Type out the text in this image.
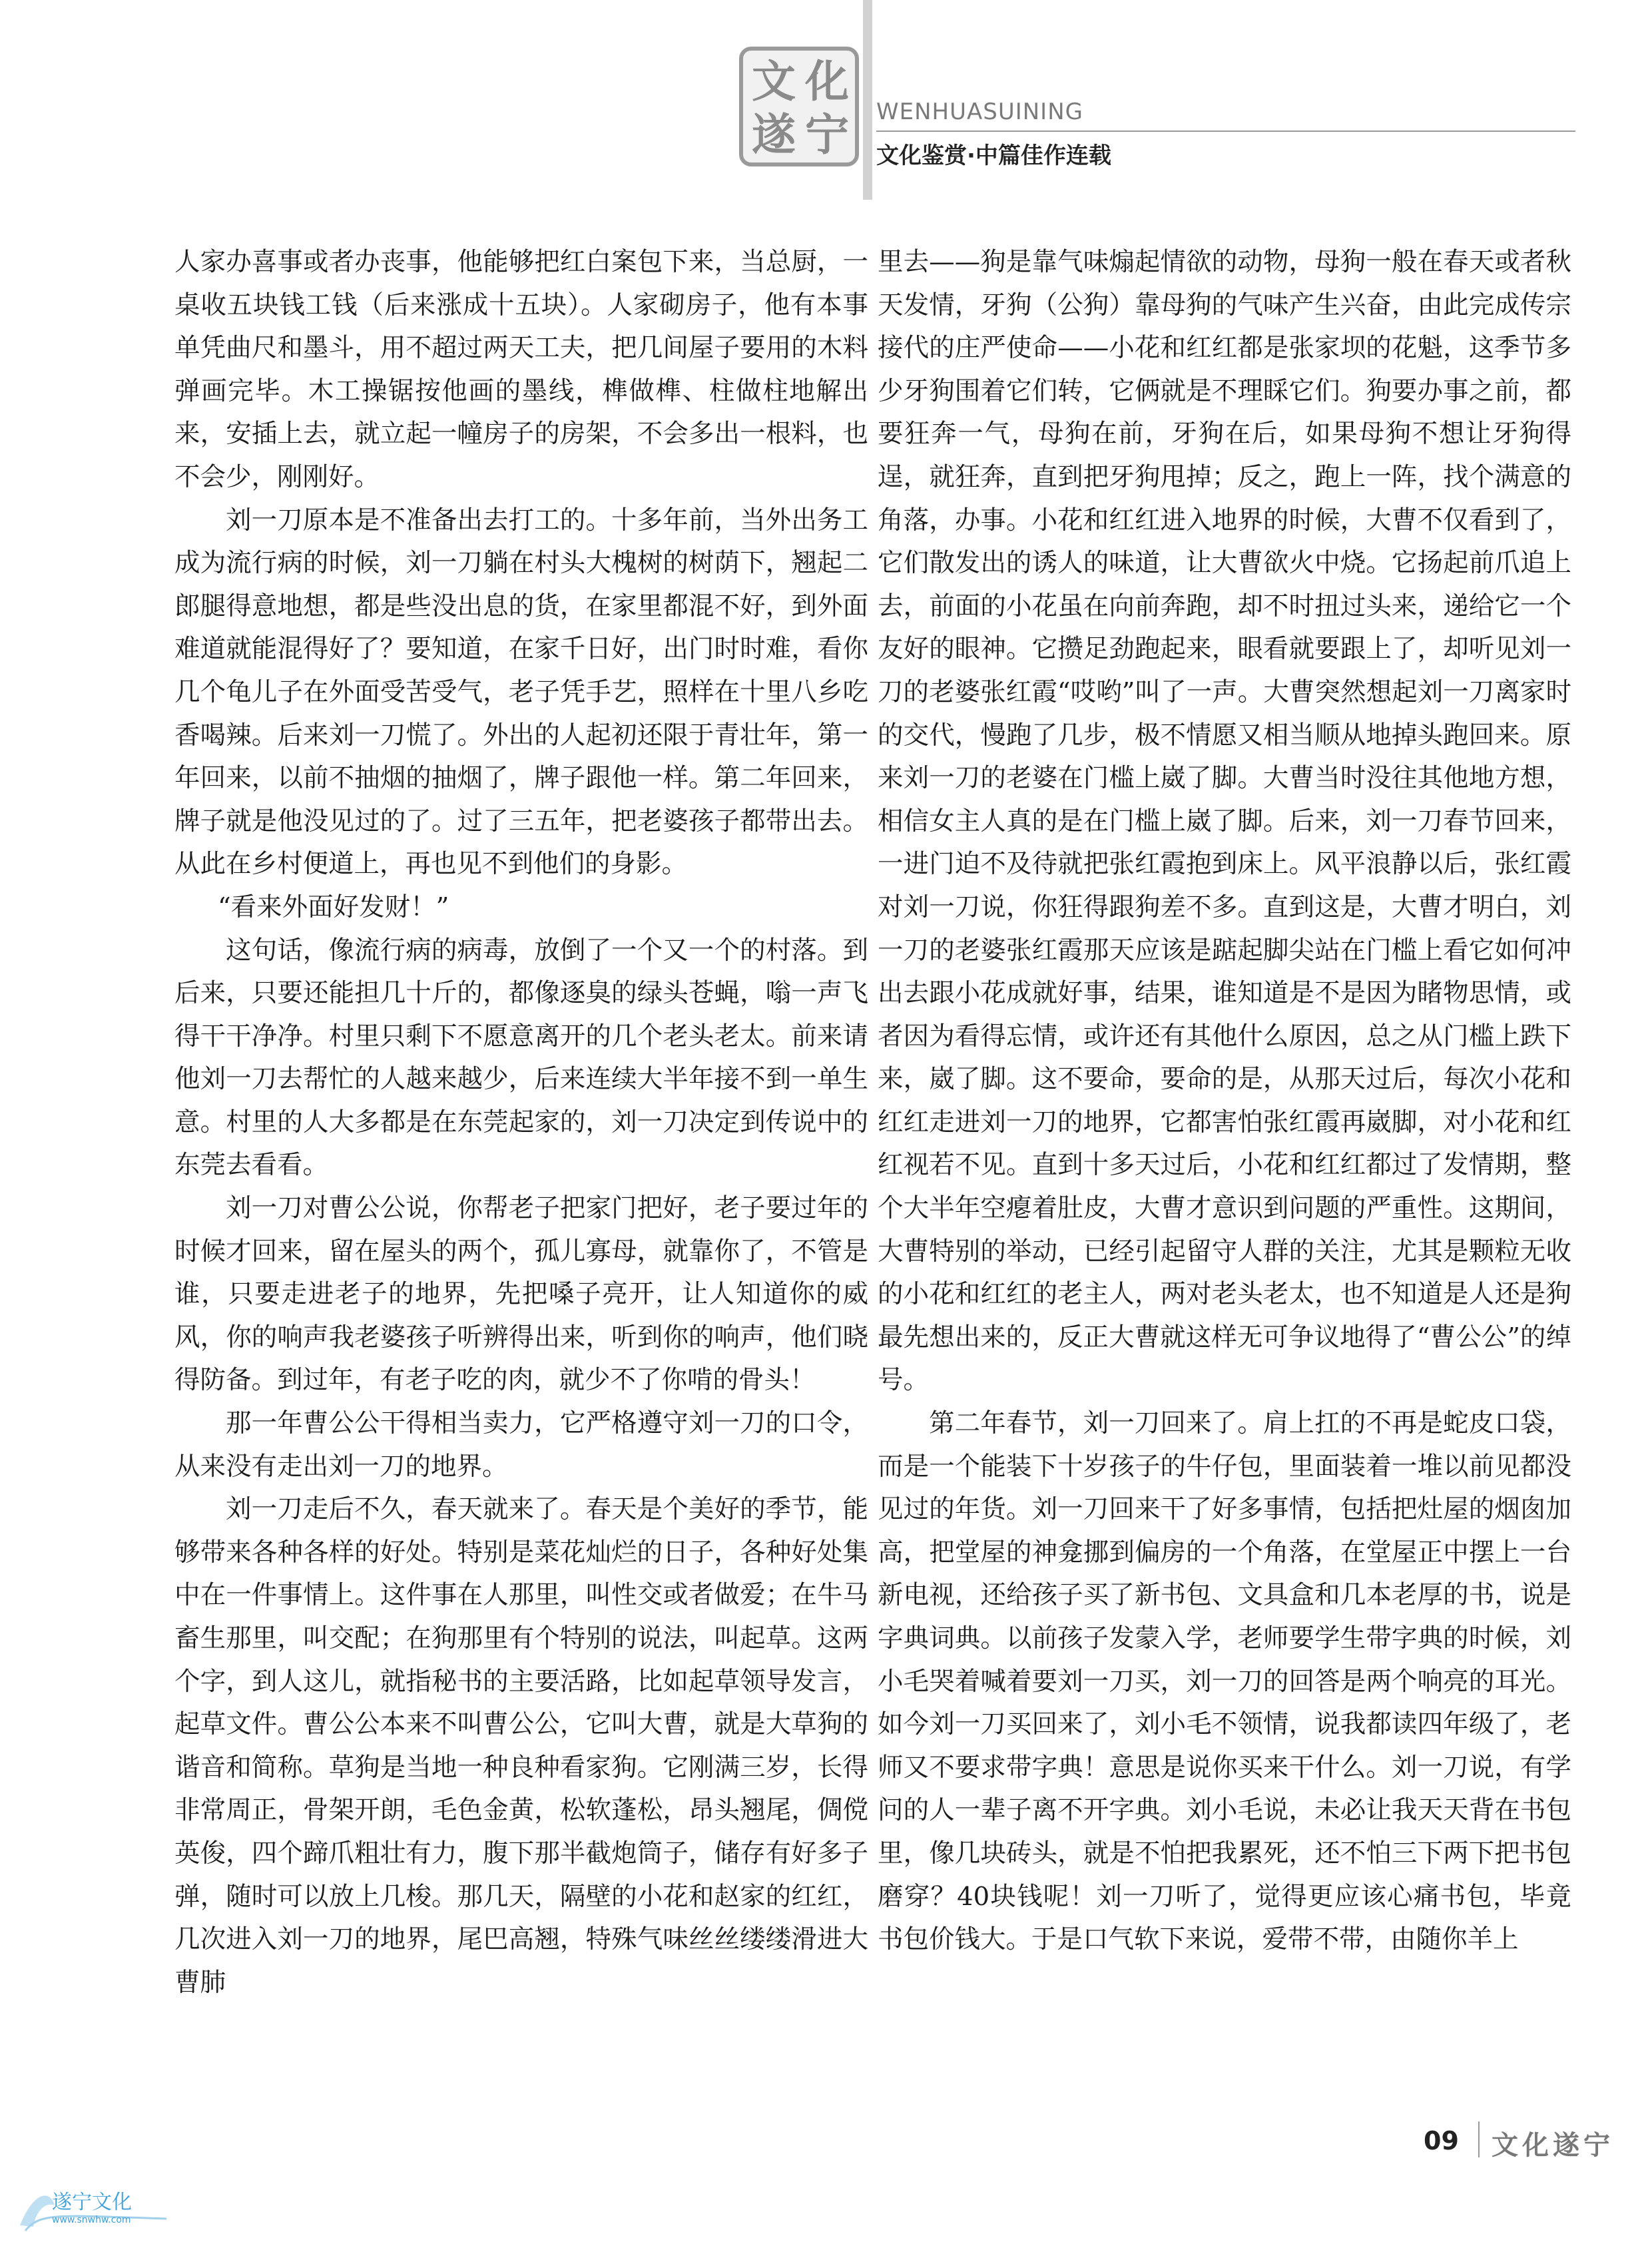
文 化
遂 宁 WENHUASUINING
文化鉴赏·中篇佳作连载

人家办喜事或者办丧事，他能够把红白案包下来，当总厨，一桌收五块钱工钱（后来涨成十五块）。人家砌房子，他有本事单凭曲尺和墨斗，用不超过两天工夫，把几间屋子要用的木料弹画完毕。木工操锯按他画的墨线，榫做榫、柱做柱地解出来，安插上去，就立起一幢房子的房架，不会多出一根料，也不会少，刚刚好。

刘一刀原本是不准备出去打工的。十多年前，当外出务工成为流行病的时候，刘一刀躺在村头大槐树的树荫下，翘起二郎腿得意地想，都是些没出息的货，在家里都混不好，到外面难道就能混得好了？要知道，在家千日好，出门时时难，看你几个龟儿子在外面受苦受气，老子凭手艺，照样在十里八乡吃香喝辣。后来刘一刀慌了。外出的人起初还限于青壮年，第一年回来，以前不抽烟的抽烟了，牌子跟他一样。第二年回来，牌子就是他没见过的了。过了三五年，把老婆孩子都带出去。从此在乡村便道上，再也见不到他们的身影。

“看来外面好发财！”

这句话，像流行病的病毒，放倒了一个又一个的村落。到后来，只要还能担几十斤的，都像逐臭的绿头苍蝇，嗡一声飞得干干净净。村里只剩下不愿意离开的几个老头老太。前来请他刘一刀去帮忙的人越来越少，后来连续大半年接不到一单生意。村里的人大多都是在东莞起家的，刘一刀决定到传说中的东莞去看看。

刘一刀对曹公公说，你帮老子把家门把好，老子要过年的时候才回来，留在屋头的两个，孤儿寡母，就靠你了，不管是谁，只要走进老子的地界，先把嗓子亮开，让人知道你的威风，你的响声我老婆孩子听辨得出来，听到你的响声，他们晓得防备。到过年，有老子吃的肉，就少不了你啃的骨头！

那一年曹公公干得相当卖力，它严格遵守刘一刀的口令，从来没有走出刘一刀的地界。

刘一刀走后不久，春天就来了。春天是个美好的季节，能够带来各种各样的好处。特别是菜花灿烂的日子，各种好处集中在一件事情上。这件事在人那里，叫性交或者做爱；在牛马畜生那里，叫交配；在狗那里有个特别的说法，叫起草。这两个字，到人这儿，就指秘书的主要活路，比如起草领导发言，起草文件。曹公公本来不叫曹公公，它叫大曹，就是大草狗的谐音和简称。草狗是当地一种良种看家狗。它刚满三岁，长得非常周正，骨架开朗，毛色金黄，松软蓬松，昂头翘尾，倜傥英俊，四个蹄爪粗壮有力，腹下那半截炮筒子，储存有好多子弹，随时可以放上几梭。那几天，隔壁的小花和赵家的红红，几次进入刘一刀的地界，尾巴高翘，特殊气味丝丝缕缕滑进大曹肺

里去——狗是靠气味煽起情欲的动物，母狗一般在春天或者秋天发情，牙狗（公狗）靠母狗的气味产生兴奋，由此完成传宗接代的庄严使命——小花和红红都是张家坝的花魁，这季节多少牙狗围着它们转，它俩就是不理睬它们。狗要办事之前，都要狂奔一气，母狗在前，牙狗在后，如果母狗不想让牙狗得逞，就狂奔，直到把牙狗甩掉；反之，跑上一阵，找个满意的角落，办事。小花和红红进入地界的时候，大曹不仅看到了，它们散发出的诱人的味道，让大曹欲火中烧。它扬起前爪追上去，前面的小花虽在向前奔跑，却不时扭过头来，递给它一个友好的眼神。它攒足劲跑起来，眼看就要跟上了，却听见刘一刀的老婆张红霞“哎哟”叫了一声。大曹突然想起刘一刀离家时的交代，慢跑了几步，极不情愿又相当顺从地掉头跑回来。原来刘一刀的老婆在门槛上崴了脚。大曹当时没往其他地方想，相信女主人真的是在门槛上崴了脚。后来，刘一刀春节回来，一进门迫不及待就把张红霞抱到床上。风平浪静以后，张红霞对刘一刀说，你狂得跟狗差不多。直到这是，大曹才明白，刘一刀的老婆张红霞那天应该是踮起脚尖站在门槛上看它如何冲出去跟小花成就好事，结果，谁知道是不是因为睹物思情，或者因为看得忘情，或许还有其他什么原因，总之从门槛上跌下来，崴了脚。这不要命，要命的是，从那天过后，每次小花和红红走进刘一刀的地界，它都害怕张红霞再崴脚，对小花和红红视若不见。直到十多天过后，小花和红红都过了发情期，整个大半年空瘪着肚皮，大曹才意识到问题的严重性。这期间，大曹特别的举动，已经引起留守人群的关注，尤其是颗粒无收的小花和红红的老主人，两对老头老太，也不知道是人还是狗最先想出来的，反正大曹就这样无可争议地得了“曹公公”的绰号。

第二年春节，刘一刀回来了。肩上扛的不再是蛇皮口袋，而是一个能装下十岁孩子的牛仔包，里面装着一堆以前见都没见过的年货。刘一刀回来干了好多事情，包括把灶屋的烟囱加高，把堂屋的神龛挪到偏房的一个角落，在堂屋正中摆上一台新电视，还给孩子买了新书包、文具盒和几本老厚的书，说是字典词典。以前孩子发蒙入学，老师要学生带字典的时候，刘小毛哭着喊着要刘一刀买，刘一刀的回答是两个响亮的耳光。如今刘一刀买回来了，刘小毛不领情，说我都读四年级了，老师又不要求带字典！意思是说你买来干什么。刘一刀说，有学问的人一辈子离不开字典。刘小毛说，未必让我天天背在书包里，像几块砖头，就是不怕把我累死，还不怕三下两下把书包磨穿？40块钱呢！刘一刀听了，觉得更应该心痛书包，毕竟书包价钱大。于是口气软下来说，爱带不带，由随你羊上

09 文化遂宁
遂宁文化
www.snwhw.com
